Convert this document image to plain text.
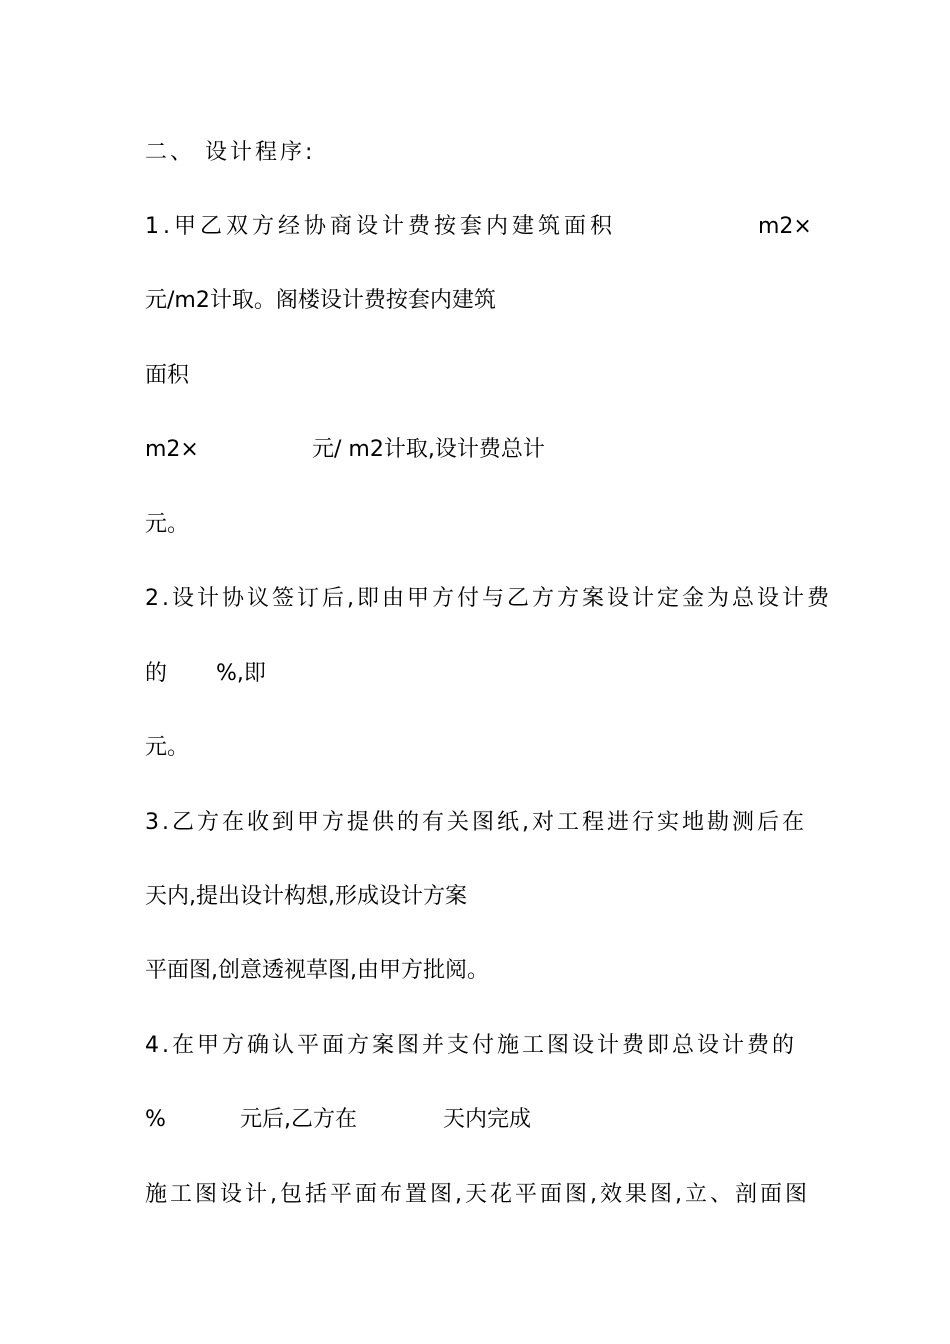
二、 设计程序:
1.甲乙双方经协商设计费按套内建筑面积	m2×
元/m2计取。阁楼设计费按套内建筑
面积
m2×	元/ m2计取,设计费总计
元。
2.设计协议签订后,即由甲方付与乙方方案设计定金为总设计费
的 %,即
元。
3.乙方在收到甲方提供的有关图纸,对工程进行实地勘测后在
天内,提出设计构想,形成设计方案
平面图,创意透视草图,由甲方批阅。
4.在甲方确认平面方案图并支付施工图设计费即总设计费的
%	元后,乙方在	天内完成
施工图设计,包括平面布置图,天花平面图,效果图,立、剖面图
